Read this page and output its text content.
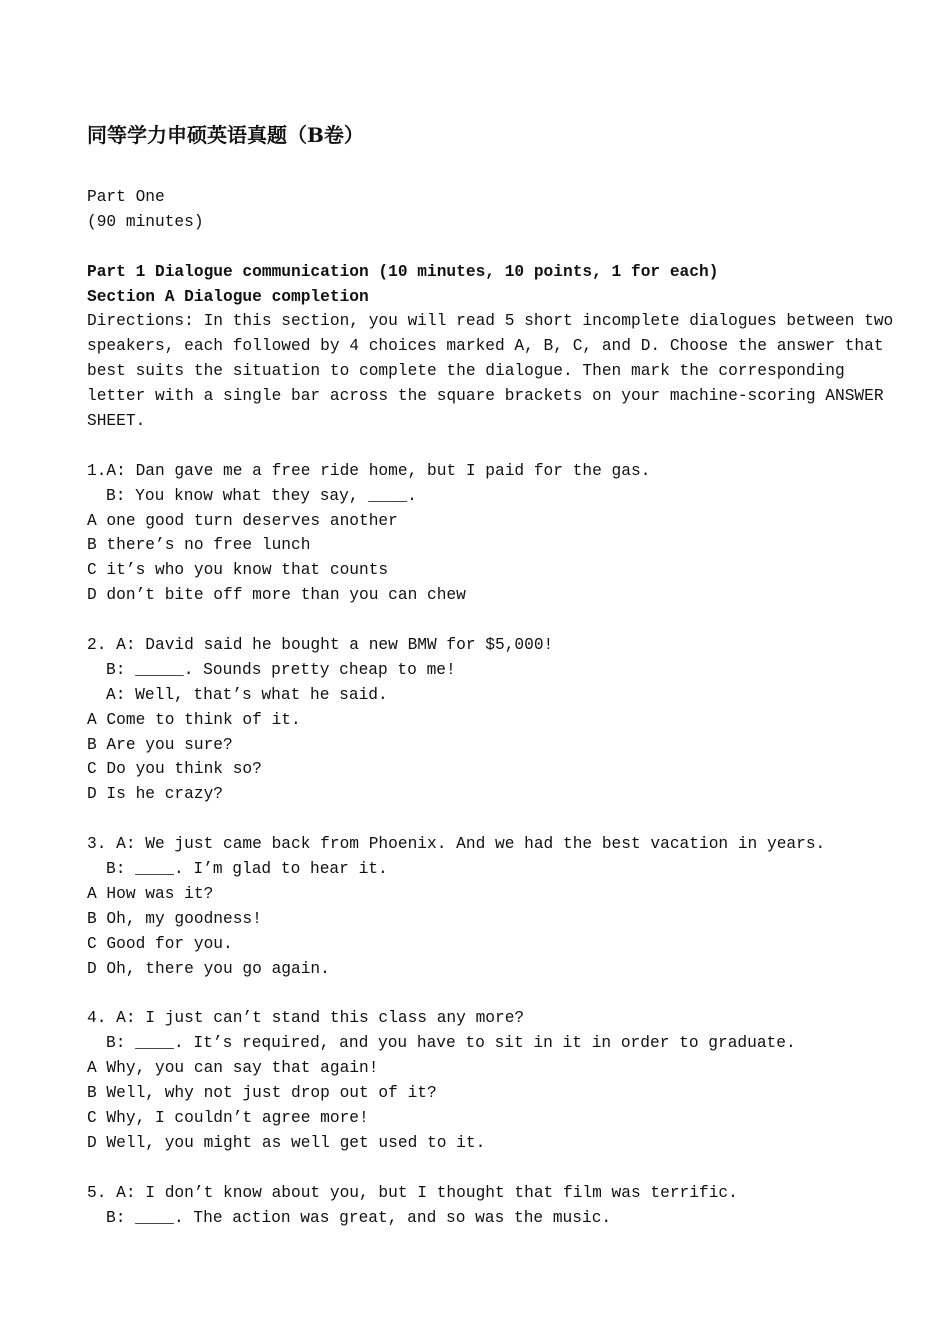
同等学力申硕英语真题（B卷）
Part One
(90 minutes)
Part 1 Dialogue communication (10 minutes, 10 points, 1 for each)
Section A Dialogue completion
Directions: In this section, you will read 5 short incomplete dialogues between two
speakers, each followed by 4 choices marked A, B, C, and D. Choose the answer that
best suits the situation to complete the dialogue. Then mark the corresponding
letter with a single bar across the square brackets on your machine-scoring ANSWER
SHEET.
1.A: Dan gave me a free ride home, but I paid for the gas.
B: You know what they say, ____.
A one good turn deserves another
B there’s no free lunch
C it’s who you know that counts
D don’t bite off more than you can chew
2. A: David said he bought a new BMW for $5,000!
B: _____. Sounds pretty cheap to me!
A: Well, that’s what he said.
A Come to think of it.
B Are you sure?
C Do you think so?
D Is he crazy?
3. A: We just came back from Phoenix. And we had the best vacation in years.
B: ____. I’m glad to hear it.
A How was it?
B Oh, my goodness!
C Good for you.
D Oh, there you go again.
4. A: I just can’t stand this class any more?
B: ____. It’s required, and you have to sit in it in order to graduate.
A Why, you can say that again!
B Well, why not just drop out of it?
C Why, I couldn’t agree more!
D Well, you might as well get used to it.
5. A: I don’t know about you, but I thought that film was terrific.
B: ____. The action was great, and so was the music.
